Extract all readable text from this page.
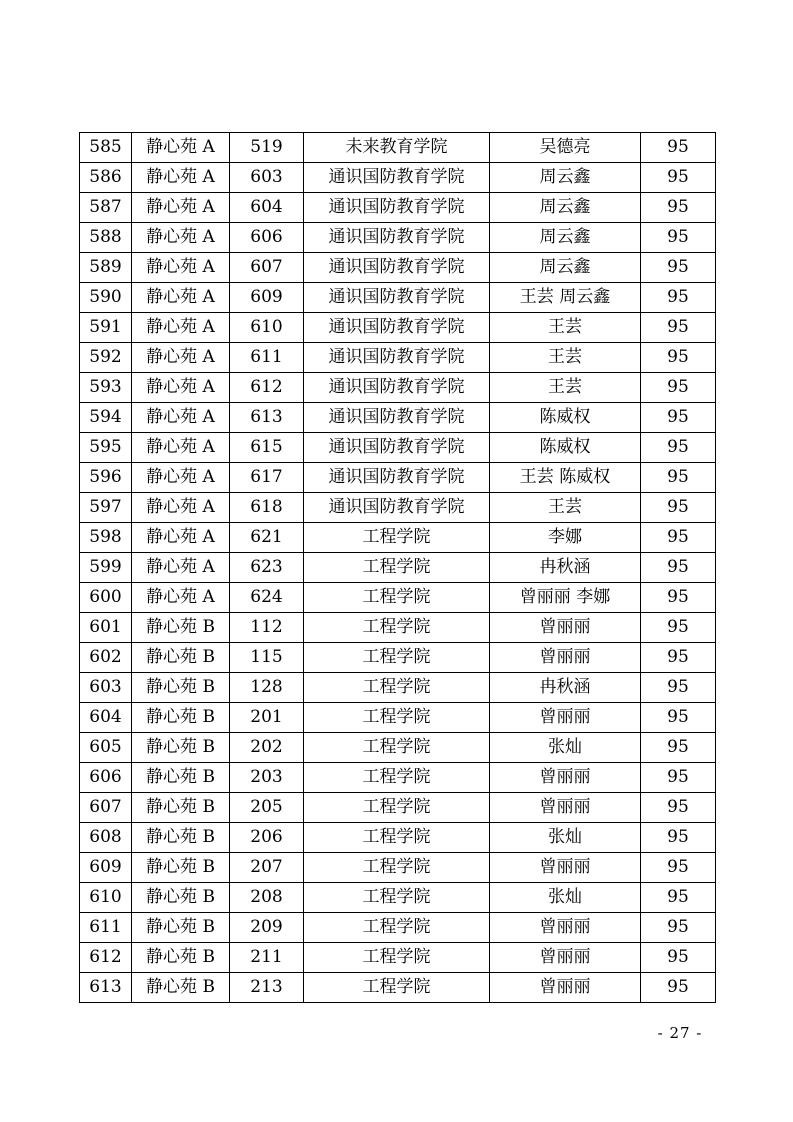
585	静心苑 A	519	未来教育学院	吴德亮	95
586	静心苑 A	603	通识国防教育学院	周云鑫	95
587	静心苑 A	604	通识国防教育学院	周云鑫	95
588	静心苑 A	606	通识国防教育学院	周云鑫	95
589	静心苑 A	607	通识国防教育学院	周云鑫	95
590	静心苑 A	609	通识国防教育学院	王芸 周云鑫	95
591	静心苑 A	610	通识国防教育学院	王芸	95
592	静心苑 A	611	通识国防教育学院	王芸	95
593	静心苑 A	612	通识国防教育学院	王芸	95
594	静心苑 A	613	通识国防教育学院	陈威权	95
595	静心苑 A	615	通识国防教育学院	陈威权	95
596	静心苑 A	617	通识国防教育学院	王芸 陈威权	95
597	静心苑 A	618	通识国防教育学院	王芸	95
598	静心苑 A	621	工程学院	李娜	95
599	静心苑 A	623	工程学院	冉秋涵	95
600	静心苑 A	624	工程学院	曾丽丽 李娜	95
601	静心苑 B	112	工程学院	曾丽丽	95
602	静心苑 B	115	工程学院	曾丽丽	95
603	静心苑 B	128	工程学院	冉秋涵	95
604	静心苑 B	201	工程学院	曾丽丽	95
605	静心苑 B	202	工程学院	张灿	95
606	静心苑 B	203	工程学院	曾丽丽	95
607	静心苑 B	205	工程学院	曾丽丽	95
608	静心苑 B	206	工程学院	张灿	95
609	静心苑 B	207	工程学院	曾丽丽	95
610	静心苑 B	208	工程学院	张灿	95
611	静心苑 B	209	工程学院	曾丽丽	95
612	静心苑 B	211	工程学院	曾丽丽	95
613	静心苑 B	213	工程学院	曾丽丽	95
- 27 -
